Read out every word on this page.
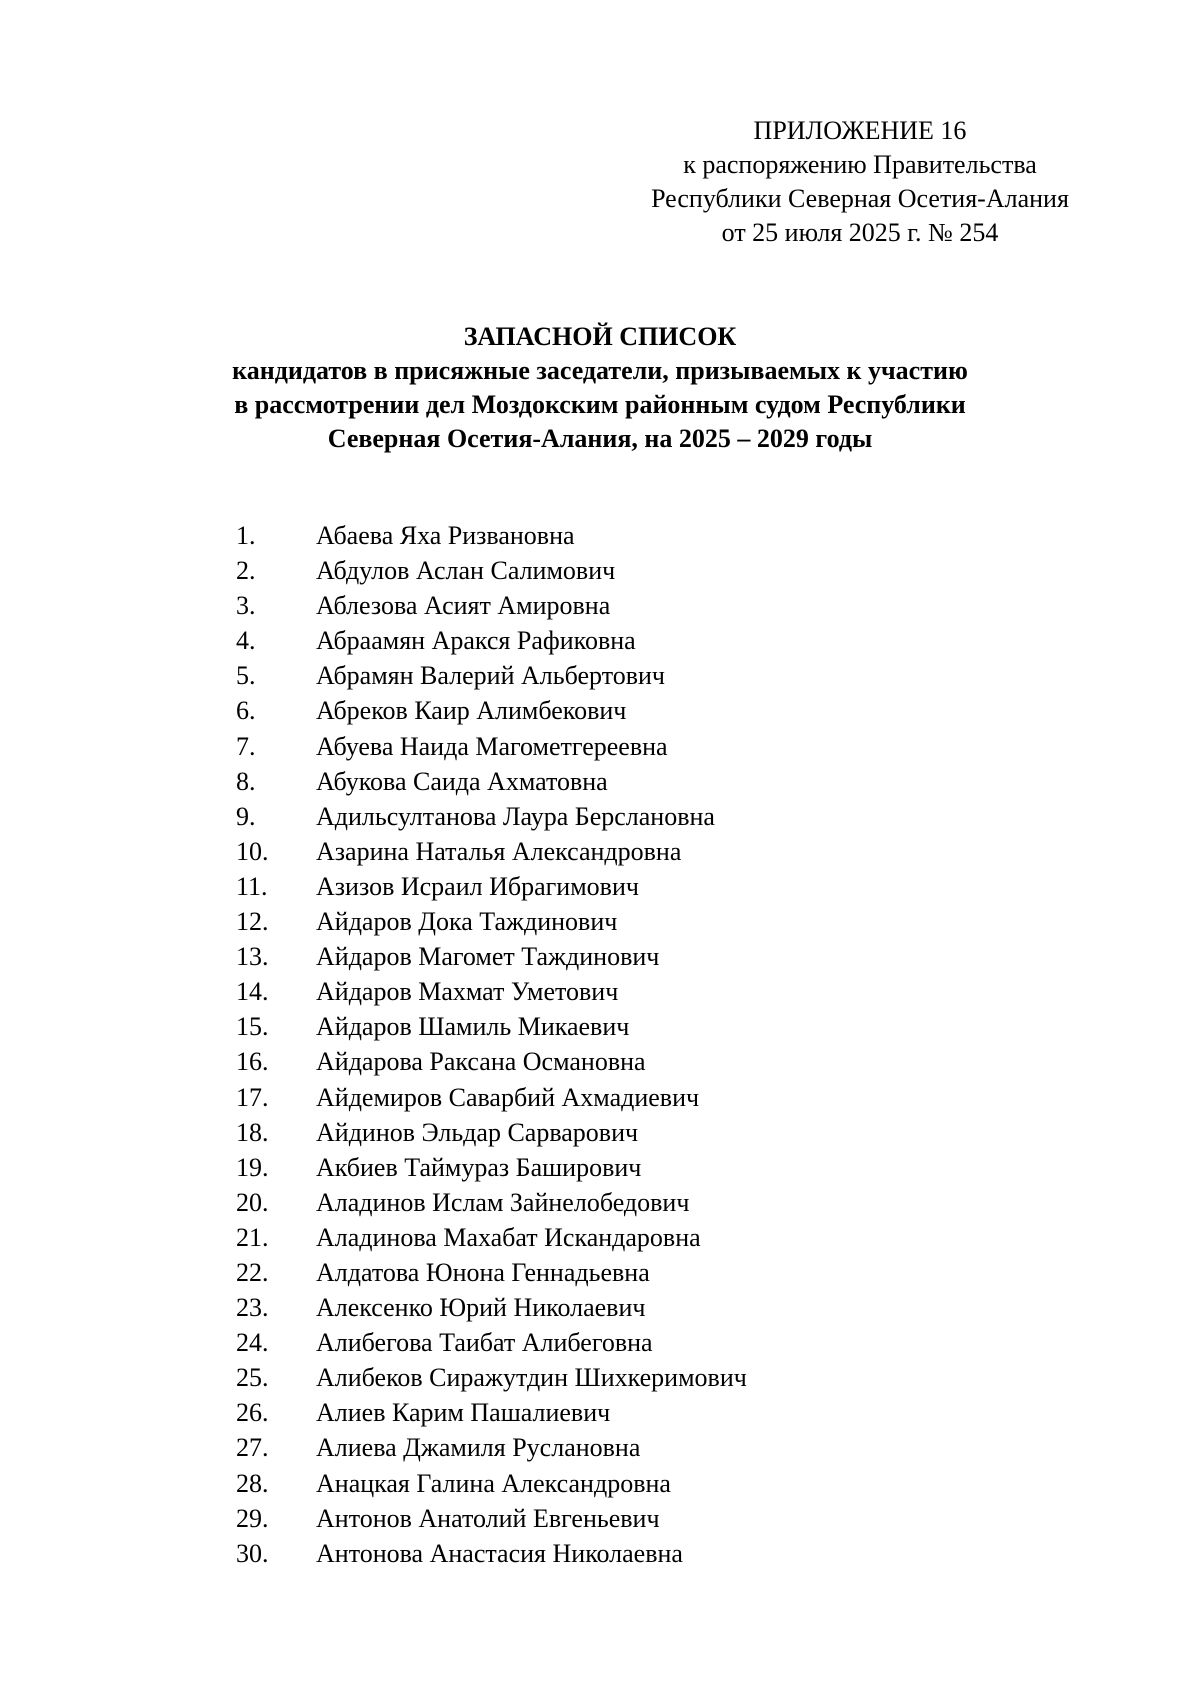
ПРИЛОЖЕНИЕ 16
к распоряжению Правительства
Республики Северная Осетия-Алания
от 25 июля 2025 г. № 254
ЗАПАСНОЙ СПИСОК
кандидатов в присяжные заседатели, призываемых к участию
в рассмотрении дел Моздокским районным судом Республики
Северная Осетия-Алания, на 2025 – 2029 годы
1.	Абаева Яха Ризвановна
2.	Абдулов Аслан Салимович
3.	Аблезова Асият Амировна
4.	Абраамян Аракся Рафиковна
5.	Абрамян Валерий Альбертович
6.	Абреков Каир Алимбекович
7.	Абуева Наида Магометгереевна
8.	Абукова Саида Ахматовна
9.	Адильсултанова Лаура Берслановна
10.	Азарина Наталья Александровна
11.	Азизов Исраил Ибрагимович
12.	Айдаров Дока Таждинович
13.	Айдаров Магомет Таждинович
14.	Айдаров Махмат Уметович
15.	Айдаров Шамиль Микаевич
16.	Айдарова Раксана Османовна
17.	Айдемиров Саварбий Ахмадиевич
18.	Айдинов Эльдар Сарварович
19.	Акбиев Таймураз Баширович
20.	Аладинов Ислам Зайнелобедович
21.	Аладинова Махабат Искандаровна
22.	Алдатова Юнона Геннадьевна
23.	Алексенко Юрий Николаевич
24.	Алибегова Таибат Алибеговна
25.	Алибеков Сиражутдин Шихкеримович
26.	Алиев Карим Пашалиевич
27.	Алиева Джамиля Руслановна
28.	Анацкая Галина Александровна
29.	Антонов Анатолий Евгеньевич
30.	Антонова Анастасия Николаевна
